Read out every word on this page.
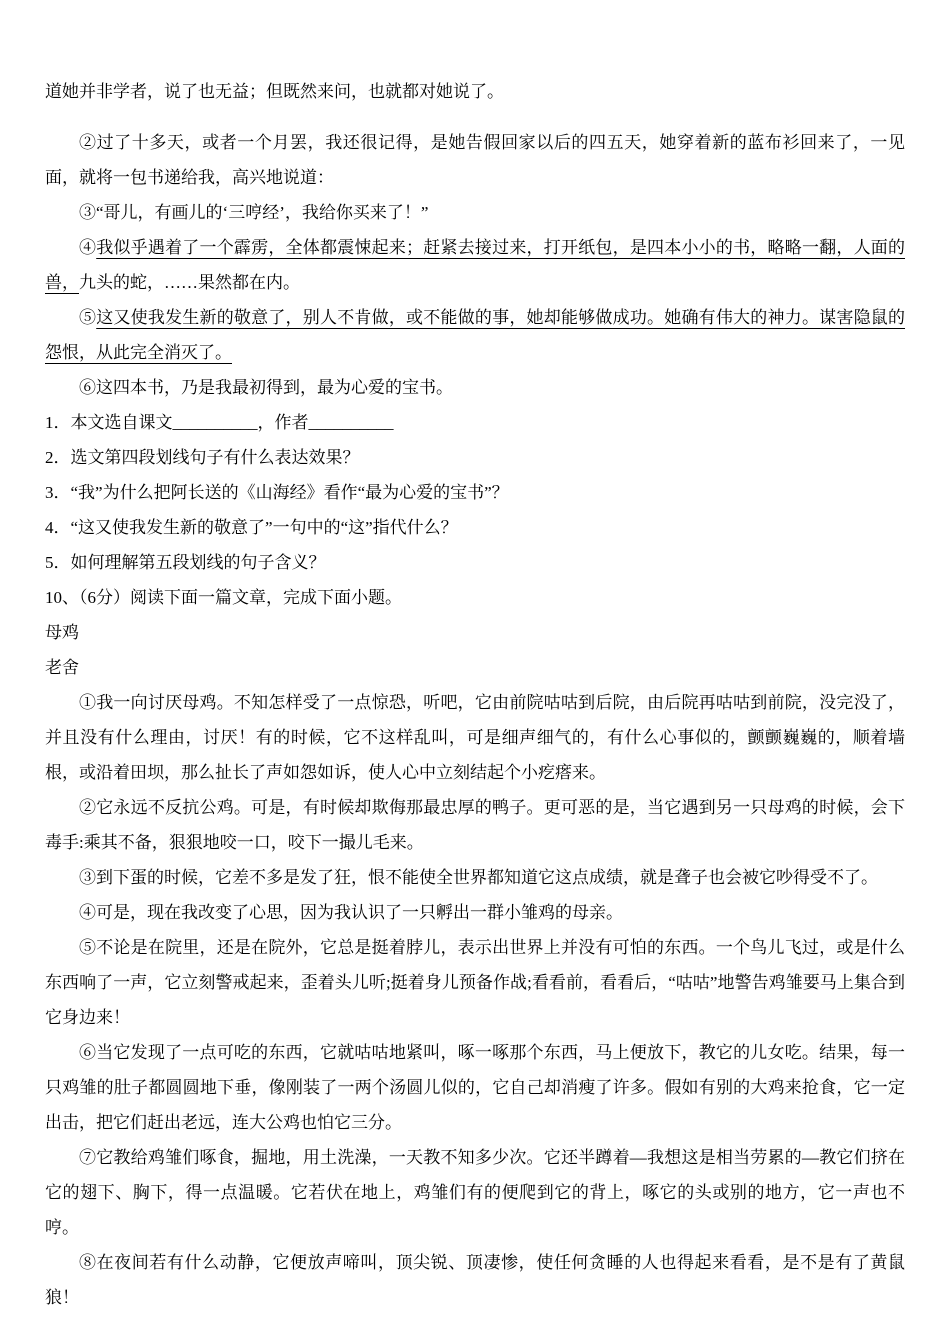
道她并非学者，说了也无益；但既然来问，也就都对她说了。

②过了十多天，或者一个月罢，我还很记得，是她告假回家以后的四五天，她穿着新的蓝布衫回来了，一见面，就将一包书递给我，高兴地说道：

③“哥儿，有画儿的‘三哼经’，我给你买来了！”

④我似乎遇着了一个霹雳，全体都震悚起来；赶紧去接过来，打开纸包，是四本小小的书，略略一翻，人面的兽，九头的蛇，……果然都在内。

⑤这又使我发生新的敬意了，别人不肯做，或不能做的事，她却能够做成功。她确有伟大的神力。谋害隐鼠的怨恨，从此完全消灭了。

⑥这四本书，乃是我最初得到，最为心爱的宝书。

1．本文选自课文__________，作者__________

2．选文第四段划线句子有什么表达效果？

3．“我”为什么把阿长送的《山海经》看作“最为心爱的宝书”？

4．“这又使我发生新的敬意了”一句中的“这”指代什么？

5．如何理解第五段划线的句子含义？

10、（6分）阅读下面一篇文章，完成下面小题。

母鸡

老舍

①我一向讨厌母鸡。不知怎样受了一点惊恐，听吧，它由前院咕咕到后院，由后院再咕咕到前院，没完没了，并且没有什么理由，讨厌！有的时候，它不这样乱叫，可是细声细气的，有什么心事似的，颤颤巍巍的，顺着墙根，或沿着田坝，那么扯长了声如怨如诉，使人心中立刻结起个小疙瘩来。

②它永远不反抗公鸡。可是，有时候却欺侮那最忠厚的鸭子。更可恶的是，当它遇到另一只母鸡的时候，会下毒手:乘其不备，狠狠地咬一口，咬下一撮儿毛来。

③到下蛋的时候，它差不多是发了狂，恨不能使全世界都知道它这点成绩，就是聋子也会被它吵得受不了。

④可是，现在我改变了心思，因为我认识了一只孵出一群小雏鸡的母亲。

⑤不论是在院里，还是在院外，它总是挺着脖儿，表示出世界上并没有可怕的东西。一个鸟儿飞过，或是什么东西响了一声，它立刻警戒起来，歪着头儿听;挺着身儿预备作战;看看前，看看后，“咕咕”地警告鸡雏要马上集合到它身边来！

⑥当它发现了一点可吃的东西，它就咕咕地紧叫，啄一啄那个东西，马上便放下，教它的儿女吃。结果，每一只鸡雏的肚子都圆圆地下垂，像刚装了一两个汤圆儿似的，它自己却消瘦了许多。假如有别的大鸡来抢食，它一定出击，把它们赶出老远，连大公鸡也怕它三分。

⑦它教给鸡雏们啄食，掘地，用土洗澡，一天教不知多少次。它还半蹲着—我想这是相当劳累的—教它们挤在它的翅下、胸下，得一点温暖。它若伏在地上，鸡雏们有的便爬到它的背上，啄它的头或别的地方，它一声也不哼。

⑧在夜间若有什么动静，它便放声啼叫，顶尖锐、顶凄惨，使任何贪睡的人也得起来看看，是不是有了黄鼠狼！
